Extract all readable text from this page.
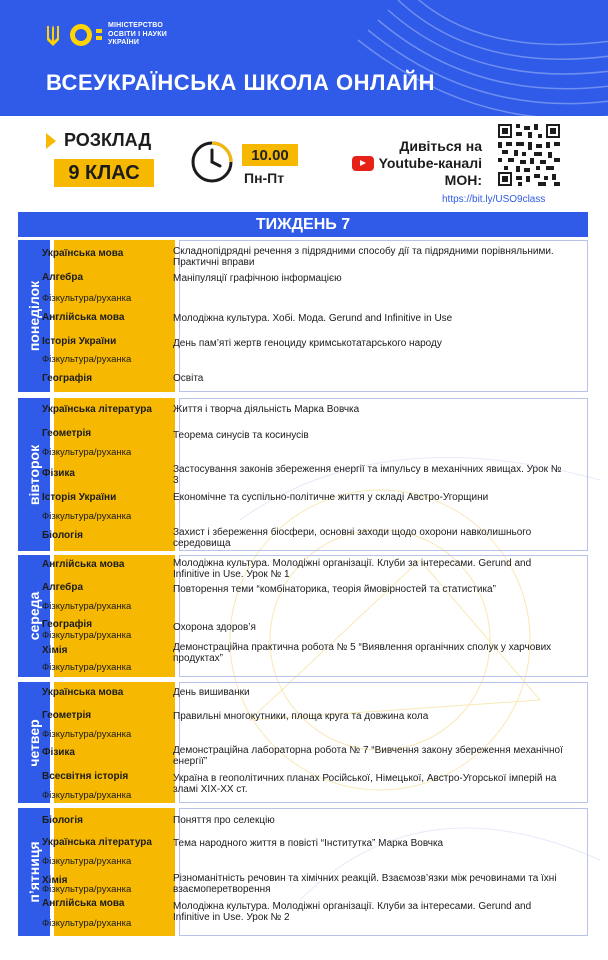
МІНІСТЕРСТВО
ОСВІТИ І НАУКИ
УКРАЇНИ
ВСЕУКРАЇНСЬКА ШКОЛА ОНЛАЙН
РОЗКЛАД
9 КЛАС
10.00
Пн-Пт
Дивіться на
Youtube-каналі
МОН:
https://bit.ly/USO9class
ТИЖДЕНЬ 7
понеділок
Українська мова
Алгебра
Фізкультура/руханка
Англійська мова
Історія України
Фізкультура/руханка
Географія
Складнопідрядні речення з підрядними способу дії та підрядними порівняльними. Практичні вправи
Маніпуляції графічною інформацією
Молодіжна культура. Хобі. Мода. Gerund and Infinitive in Use
День пам’яті жертв геноциду кримськотатарського народу
Освіта
вівторок
Українська література
Геометрія
Фізкультура/руханка
Фізика
Історія України
Фізкультура/руханка
Біологія
Життя і творча діяльність Марка Вовчка
Теорема синусів та косинусів
Застосування законів збереження енергії та імпульсу в механічних явищах. Урок № 3
Економічне та суспільно-політичне життя у складі Австро-Угорщини
Захист і збереження біосфери, основні заходи щодо охорони навколишнього середовища
середа
Англійська мова
Алгебра
Фізкультура/руханка
Географія
Фізкультура/руханка
Хімія
Фізкультура/руханка
Молодіжна культура. Молодіжні організації. Клуби за інтересами. Gerund and Infinitive in Use. Урок № 1
Повторення теми “комбінаторика, теорія ймовірностей та статистика”
Охорона здоров’я
Демонстраційна практична робота № 5 “Виявлення органічних сполук у харчових продуктах”
четвер
Українська мова
Геометрія
Фізкультура/руханка
Фізика
Всесвітня історія
Фізкультура/руханка
День вишиванки
Правильні многокутники, площа круга та довжина кола
Демонстраційна лабораторна робота № 7 “Вивчення закону збереження механічної енергії”
Україна в геополітичних планах Російської, Німецької, Австро-Угорської імперій на зламі XIX-XX ст.
п’ятниця
Біологія
Українська література
Фізкультура/руханка
Хімія
Фізкультура/руханка
Англійська мова
Фізкультура/руханка
Поняття про селекцію
Тема народного життя в повісті “Інститутка” Марка Вовчка
Різноманітність речовин та хімічних реакцій. Взаємозв’язки між речовинами та їхні взаємоперетворення
Молодіжна культура. Молодіжні організації. Клуби за інтересами. Gerund and Infinitive in Use. Урок № 2
